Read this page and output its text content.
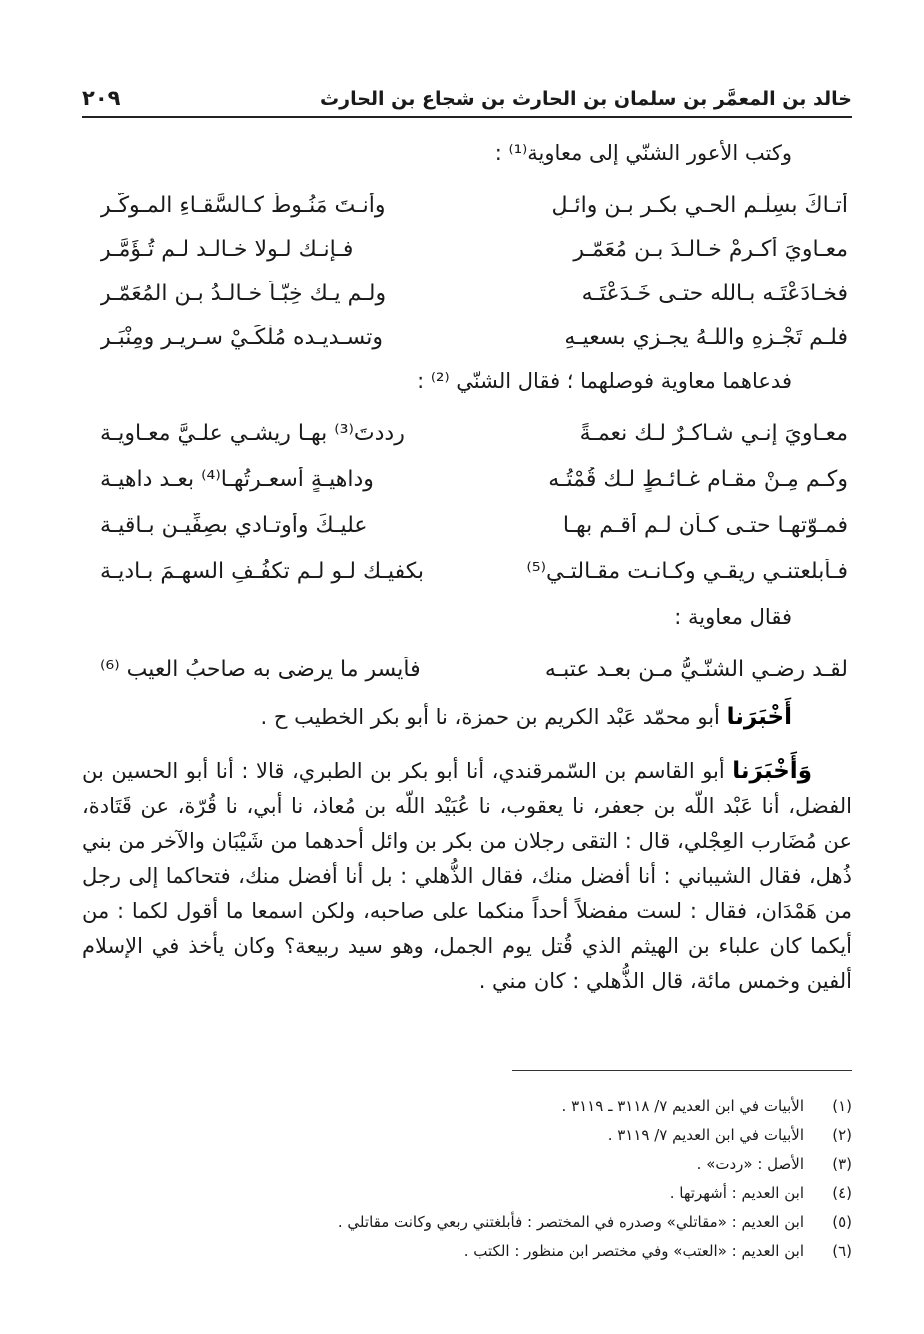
خالد بن المعمَّر بن سلمان بن الحارث بن شجاع بن الحارث
٢٠٩
وكتب الأعور الشنّي إلى معاوية⁽¹⁾ :
أتـاكَ بسِلْـمِ الحـي بكـرِ بـن وائـلِ
وأنـتَ مَنُـوطٌ كـالسَّقـاءِ المـوكّـر
معـاويَ أكـرمْ خـالـدَ بـن مُعَمّـر
فـإنـك لـولا خـالـد لـم تُـؤَمَّـرِ
فخـادَعْتَـه بـالله حتـى خَـدَعْتَـه
ولـم يـك خِبّـاً خـالـدُ بـن المُعَمّـرِ
فلـم تَجْـزِهِ واللـهُ يجـزي بسعيـهِ
وتسـديـده مُلْكَـيْ سـريـرٍ ومِنْبَـرِ
فدعاهما معاوية فوصلهما ؛ فقال الشنّي ⁽²⁾ :
معـاويَ إنـي شـاكـرٌ لـك نعمـةً
رددتَ⁽³⁾ بهـا ريشـي علـيَّ معـاويـة
وكـم مِـنْ مقـام غـائـطٍ لـك قُمْتُـه
وداهيـةٍ أسعـرتُهـا⁽⁴⁾ بعـد داهيـة
فمـوّتهـا حتـى كـأن لـم أقـم بهـا
عليـكَ وأوتـادي بصِفِّيـن بـاقيـة
فـأبلعتنـي ريقـي وكـانـت مقـالتـي⁽⁵⁾
بكفيـك لـو لـم تكفُـفِ السهـمَ بـاديـة
فقال معاوية :
لقـد رضـي الشنّـيُّ مـن بعـد عتبـه
فأيسر ما يرضى به صاحبُ العيب ⁽⁶⁾
أَخْبَرَنا أبو محمّد عَبْد الكريم بن حمزة، نا أبو بكر الخطيب ح .
وَأَخْبَرَنا أبو القاسم بن السّمرقندي، أنا أبو بكر بن الطبري، قالا : أنا أبو الحسين بن الفضل، أنا عَبْد اللّه بن جعفر، نا يعقوب، نا عُبَيْد اللّه بن مُعاذ، نا أبي، نا قُرّة، عن قَتَادة، عن مُضَارب العِجْلي، قال : التقى رجلان من بكر بن وائل أحدهما من شَيْبَان والآخر من بني ذُهل، فقال الشيباني : أنا أفضل منك، فقال الذُّهلي : بل أنا أفضل منك، فتحاكما إلى رجل من هَمْدَان، فقال : لست مفضلاً أحداً منكما على صاحبه، ولكن اسمعا ما أقول لكما : من أيكما كان علباء بن الهيثم الذي قُتل يوم الجمل، وهو سيد ربيعة؟ وكان يأخذ في الإسلام ألفين وخمس مائة، قال الذُّهلي : كان مني .
(١)
الأبيات في ابن العديم ٧/ ٣١١٨ ـ ٣١١٩ .
(٢)
الأبيات في ابن العديم ٧/ ٣١١٩ .
(٣)
الأصل : «ردت» .
(٤)
ابن العديم : أشهرتها .
(٥)
ابن العديم : «مقاتلي» وصدره في المختصر : فأبلغتني ربعي وكانت مقاتلي .
(٦)
ابن العديم : «العتب» وفي مختصر ابن منظور : الكتب .
